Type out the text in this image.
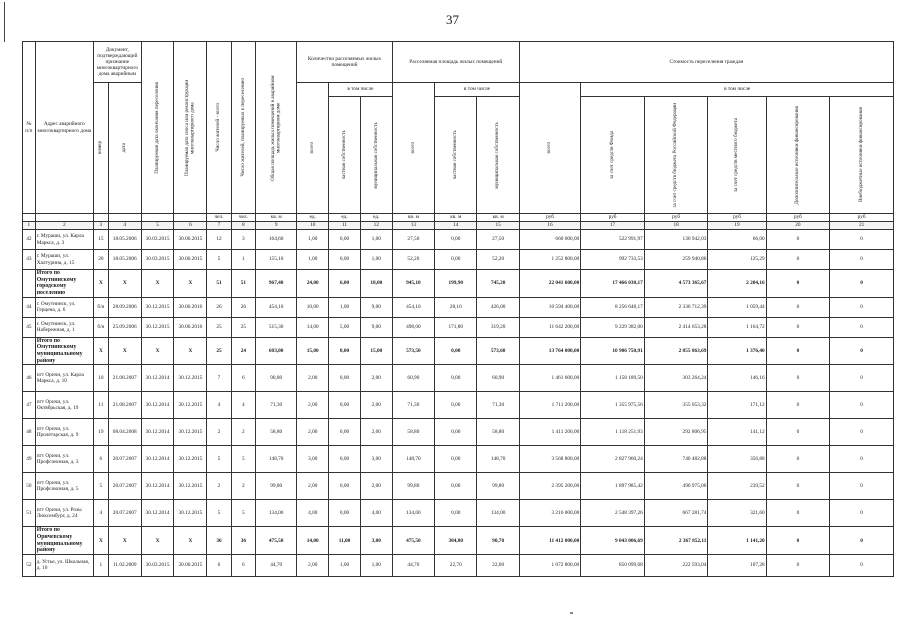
37
№ п/п	Адрес аварийного многоквартирного дома	Документ, подтверждающий признание многоквартирного дома аварийным		Планируемая дата окончания переселения	Планируемая дата сноса или реконструкции многоквартирного дома	Число жителей - всего	Число жителей, планируемых к переселению	Общая площадь жилых помещений в аварийном многоквартирном доме	Количество расселяемых жилых помещений			Расселяемая площадь жилых помещений			Стоимость переселения граждан					

		номер	дата						всего	в том числе		всего	в том числе		всего	в том числе				

										частная собственность	муниципальная собственность		частная собственность	муниципальная собственность		за счет средств Фонда	за счет средств бюджета Российской Федерации	за счет средств местного бюджета	Дополнительные источники финансирования	Внебюджетные источники финансирования

						чел.	чел.	кв. м	ед.	ед.	ед.	кв. м	кв. м	кв. м	руб	руб	руб	руб	руб	руб
1	2	3	4	5	6	7	8	9	10	11	12	13	14	15	16	17	18	19	20	21
42	г. Мураши, ул. Карла Маркса, д. 3	15	18.05.2006	30.03.2015	30.06.2015	12	3	164,60	1,00	0,00	1,00	27,50	0,00	27,50	660 000,00	522 991,97	136 942,03	66,00	0	0
43	г. Мураши, ул. Халтурина, д. 15	20	18.05.2006	30.03.2015	30.06.2015	5	1	155,10	1,00	0,00	1,00	52,20	0,00	52,20	1 252 800,00	992 733,53	259 940,86	125,29	0	0
	Итого по Омутнинскому городскому поселению	Х	Х	Х	Х	51	51	967,40	24,00	6,00	18,00	945,10	199,90	745,20	22 041 600,00	17 466 030,17	4 573 365,67	2 204,16	0	0
44	г. Омутнинск, ул. Герцена, д. 6	б/н	28.09.2006	30.12.2015	30.06.2016	26	26	454,10	10,00	1,00	9,00	454,10	28,10	426,00	10 594 400,00	8 256 648,17	2 336 712,39	1 059,44	0	0
45	г. Омутнинск, ул. Набережная, д. 1	б/н	25.09.2006	30.12.2015	30.06.2016	25	25	515,30	14,00	5,00	9,00	498,00	171,80	319,20	11 642 200,00	9 229 382,00	2 414 653,28	1 164,72	0	0
	Итого по Омутнинскому муниципальному району	Х	Х	Х	Х	25	24	603,00	15,00	0,00	15,00	573,50	0,00	573,60	13 764 000,00	10 906 750,91	2 855 863,69	1 376,40	0	0
46	пгт Оричи, ул. Карла Маркса, д. 10	10	21.08.2007	30.12.2014	30.12.2015	7	6	90,80	2,00	0,00	2,00	60,90	0,00	60,90	1 461 600,00	1 158 189,50	303 264,24	146,16	0	0
47	пгт Оричи, ул. Октябрьская, д. 19	11	21.08.2007	30.12.2014	30.12.2015	4	4	71,30	2,00	0,00	2,00	71,30	0,00	71,30	1 711 200,00	1 355 975,56	355 053,32	171,12	0	0
48	пгт Оричи, ул. Пролетарская, д. 9	19	08.04.2008	30.12.2014	30.12.2015	2	2	58,80	2,00	0,00	2,00	58,80	0,00	58,80	1 411 200,00	1 118 251,93	292 806,95	141,12	0	0
49	пгт Оричи, ул. Профсоюзная, д. 3	6	20.07.2007	30.12.2014	30.12.2015	5	5	148,70	3,00	0,00	3,00	148,70	0,00	148,70	3 568 800,00	2 827 960,24	740 482,88	356,88	0	0
50	пгт Оричи, ул. Профсоюзная, д. 5	5	20.07.2007	30.12.2014	30.12.2015	2	2	99,80	2,00	0,00	2,00	99,80	0,00	99,80	2 395 200,00	1 897 985,42	496 975,06	239,52	0	0
51	пгт Оричи, ул. Розы Люксембург, д. 24	4	20.07.2007	30.12.2014	30.12.2015	5	5	134,00	4,00	0,00	4,00	134,00	0,00	134,00	3 216 000,00	2 548 397,26	667 281,74	321,60	0	0
	Итого по Оричевскому муниципальному району	Х	Х	Х	Х	36	36	475,50	14,00	11,00	3,00	475,50	384,80	90,70	11 412 000,00	9 043 006,69	2 367 852,11	1 141,20	0	0
52	д. Устье, ул. Школьная, д. 10	1	11.02.2009	30.03.2015	30.06.2015	6	6	44,70	2,00	1,00	1,00	44,70	22,70	22,00	1 072 800,00	850 099,68	222 593,04	107,28	0	0
